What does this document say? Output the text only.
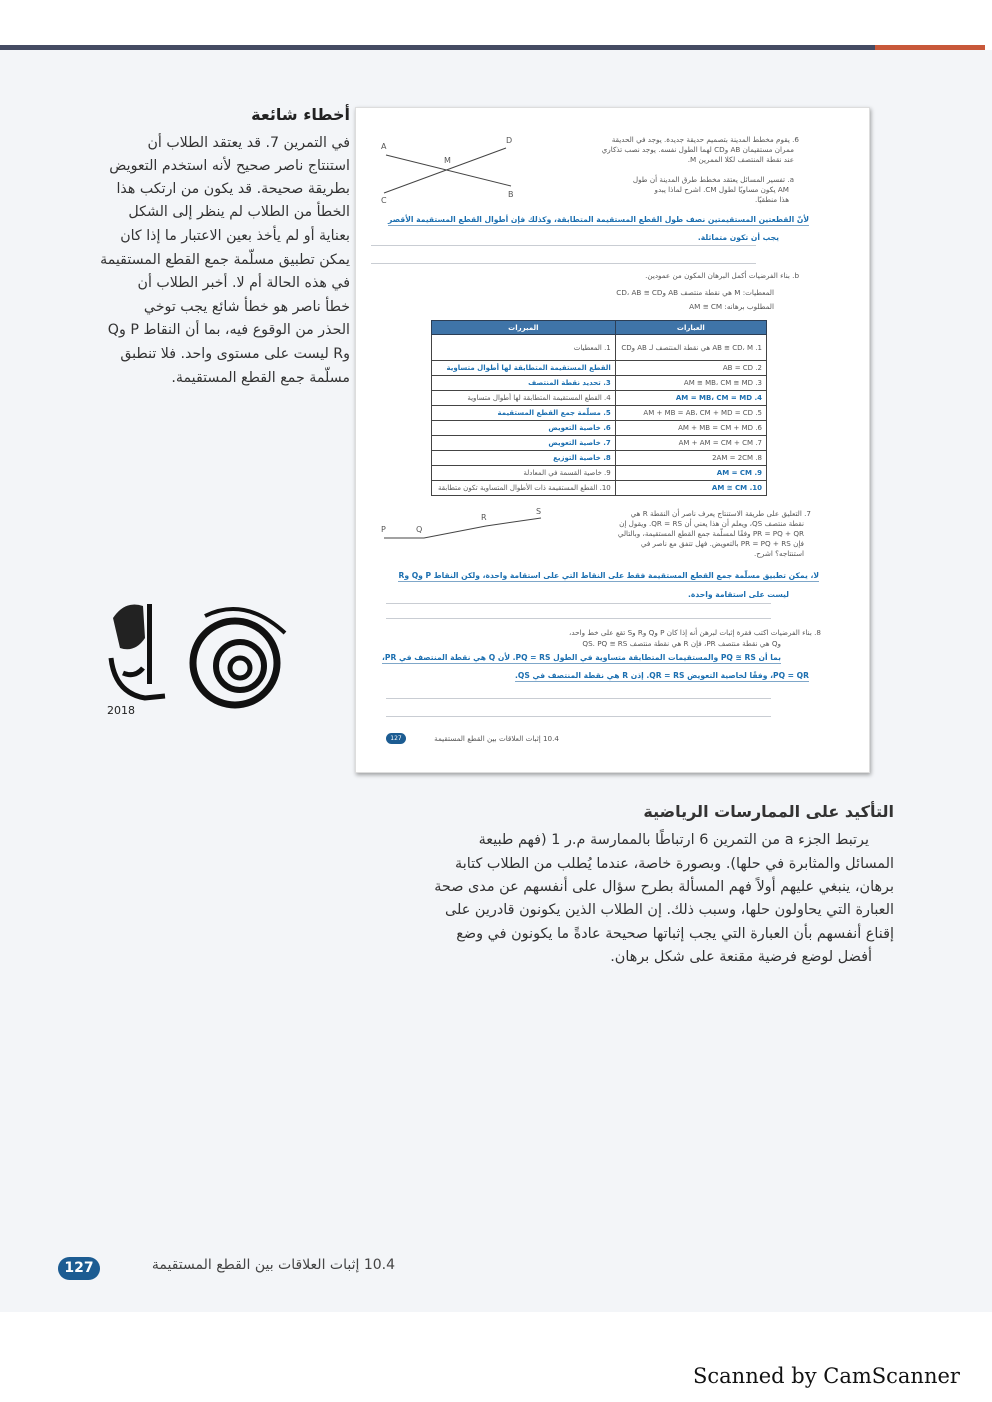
أخطاء شائعة
في التمرين 7. قد يعتقد الطلاب أن
استنتاج ناصر صحيح لأنه استخدم التعويض
بطريقة صحيحة. قد يكون من ارتكب هذا
الخطأ من الطلاب لم ينظر إلى الشكل
بعناية أو لم يأخذ بعين الاعتبار ما إذا كان
يمكن تطبيق مسلّمة جمع القطع المستقيمة
في هذه الحالة أم لا. أخبر الطلاب أن
خطأ ناصر هو خطأ شائع يجب توخي
الحذر من الوقوع فيه، بما أن النقاط P وQ
وR ليست على مستوى واحد. فلا تنطبق
مسلّمة جمع القطع المستقيمة.
A
D
M
C
B
6. يقوم مخطط المدينة بتصميم حديقة جديدة. يوجد في الحديقة
ممران مستقيمان AB وCD لهما الطول نفسه. يوجد نصب تذكاري
عند نقطة المنتصف لكلا الممرين M.
a. تفسير المسائل يعتقد مخطط طرق المدينة أن طول
AM يكون مساويًا لطول CM. اشرح لماذا يبدو
هذا منطقيًا.
لأنّ القطعتين المستقيمتين نصف طول القطع المستقيمة المتطابقة، وكذلك فإن أطوال القطع المستقيمة الأقصر
يجب أن تكون متماثلة.
b. بناء الفرضيات أكمل البرهان المكون من عمودين.
المعطيات: M هي نقطة منتصف AB وCD، AB ≅ CD
المطلوب برهانه: AM ≅ CM
العبارات	المبررات
1. AB ≅ CD، M هي نقطة المنتصف لـ AB وCD	1. المعطيات
2. AB = CD	القطع المستقيمة المتطابقة لها أطوال متساوية
3. AM ≅ MB، CM ≅ MD	3. تحديد نقطة المنتصف
4. AM = MB، CM = MD	4. القطع المستقيمة المتطابقة لها أطوال متساوية
5. AM + MB = AB، CM + MD = CD	5. مسلّمة جمع القطع المستقيمة
6. AM + MB = CM + MD	6. خاصية التعويض
7. AM + AM = CM + CM	7. خاصية التعويض
8. 2AM = 2CM	8. خاصية التوزيع
9. AM = CM	9. خاصية القسمة في المعادلة
10. AM ≅ CM	10. القطع المستقيمة ذات الأطوال المتساوية تكون متطابقة
P	Q
R
S	7. التعليق على طريقة الاستنتاج يعرف ناصر أن النقطة R هي
نقطة منتصف QS، ويعلم أن هذا يعني أن QR = RS. ويقول إن
PR = PQ + QR وفقًا لمسلّمة جمع القطع المستقيمة، وبالتالي
فإن PR = PQ + RS بالتعويض. فهل تتفق مع ناصر في
استنتاجه؟ اشرح.
لا، يمكن تطبيق مسلّمة جمع القطع المستقيمة فقط على النقاط التي على استقامة واحدة، ولكن النقاط P وQ وR
ليست على استقامة واحدة.
8. بناء الفرضيات اكتب فقرة إثبات لبرهن أنه إذا كان P وQ وR وS تقع على خط واحد،
وQ هي نقطة منتصف PR، فإن R هي نقطة منتصف QS. PQ ≅ RS
بما أن PQ ≅ RS والمستقيمات المتطابقة متساوية في الطول PQ = RS. لأن Q هي نقطة المنتصف في PR،
PQ = QR، وفقًا لخاصية التعويض QR = RS. إذن R هي نقطة المنتصف في QS.
127	10.4 إثبات العلاقات بين القطع المستقيمة
2018
التأكيد على الممارسات الرياضية
يرتبط الجزء a من التمرين 6 ارتباطًا بالممارسة م.ر 1 (فهم طبيعة
المسائل والمثابرة في حلها). وبصورة خاصة، عندما يُطلب من الطلاب كتابة
برهان، ينبغي عليهم أولاً فهم المسألة بطرح سؤال على أنفسهم عن مدى صحة
العبارة التي يحاولون حلها، وسبب ذلك. إن الطلاب الذين يكونون قادرين على
إقناع أنفسهم بأن العبارة التي يجب إثباتها صحيحة عادةً ما يكونون في وضع
أفضل لوضع فرضية مقنعة على شكل برهان.
127	10.4 إثبات العلاقات بين القطع المستقيمة
Scanned by CamScanner
